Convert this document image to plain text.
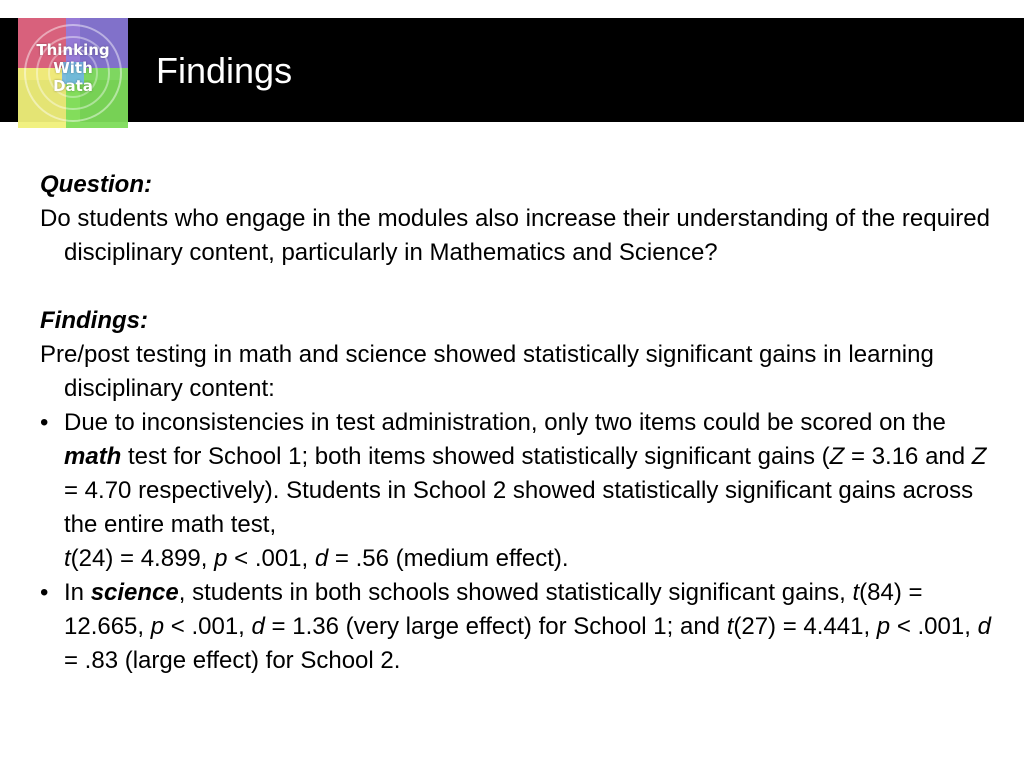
Thinking
With
Data	Findings
Question:
Do students who engage in the modules also increase their understanding of the required disciplinary content, particularly in Mathematics and Science?
Findings:
Pre/post testing in math and science showed statistically significant gains in learning disciplinary content:
• Due to inconsistencies in test administration, only two items could be scored on the math test for School 1; both items showed statistically significant gains (Z = 3.16 and Z = 4.70 respectively). Students in School 2 showed statistically significant gains across the entire math test,
t(24) = 4.899, p < .001, d = .56 (medium effect).
• In science, students in both schools showed statistically significant gains, t(84) = 12.665, p < .001, d = 1.36 (very large effect) for School 1; and t(27) = 4.441, p < .001, d = .83 (large effect) for School 2.
